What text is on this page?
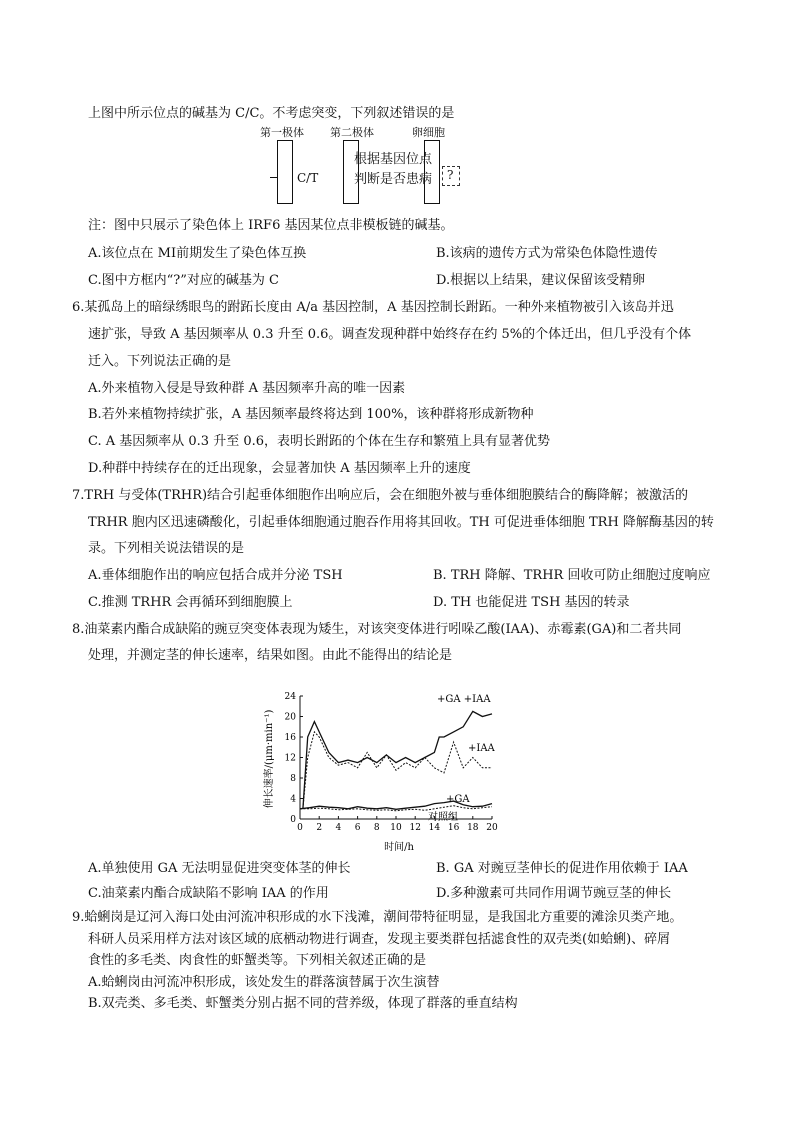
上图中所示位点的碱基为 C/C。不考虑突变，下列叙述错误的是
第一极体 第二极体	卵细胞
C/T
根据基因位点
判断是否患病 ?
注：图中只展示了染色体上 IRF6 基因某位点非模板链的碱基。
A.该位点在 MⅠ前期发生了染色体互换	B.该病的遗传方式为常染色体隐性遗传
C.图中方框内“?”对应的碱基为 C	D.根据以上结果，建议保留该受精卵
6.某孤岛上的暗绿绣眼鸟的跗跖长度由 A/a 基因控制，A 基因控制长跗跖。一种外来植物被引入该岛并迅
速扩张，导致 A 基因频率从 0.3 升至 0.6。调查发现种群中始终存在约 5%的个体迁出，但几乎没有个体
迁入。下列说法正确的是
A.外来植物入侵是导致种群 A 基因频率升高的唯一因素
B.若外来植物持续扩张，A 基因频率最终将达到 100%，该种群将形成新物种
C. A 基因频率从 0.3 升至 0.6，表明长跗跖的个体在生存和繁殖上具有显著优势
D.种群中持续存在的迁出现象，会显著加快 A 基因频率上升的速度
7.TRH 与受体(TRHR)结合引起垂体细胞作出响应后，会在细胞外被与垂体细胞膜结合的酶降解；被激活的
TRHR 胞内区迅速磷酸化，引起垂体细胞通过胞吞作用将其回收。TH 可促进垂体细胞 TRH 降解酶基因的转
录。下列相关说法错误的是
A.垂体细胞作出的响应包括合成并分泌 TSH	B. TRH 降解、TRHR 回收可防止细胞过度响应
C.推测 TRHR 会再循环到细胞膜上	D. TH 也能促进 TSH 基因的转录
8.油菜素内酯合成缺陷的豌豆突变体表现为矮生，对该突变体进行吲哚乙酸(IAA)、赤霉素(GA)和二者共同
处理，并测定茎的伸长速率，结果如图。由此不能得出的结论是
0
4
8
12
16
20
24
0 2 4 6 8 10 12 14 16 18 20
伸长速率/(μm·min⁻¹)
时间/h
+GA +IAA
+IAA
+GA
对照组
A.单独使用 GA 无法明显促进突变体茎的伸长	B. GA 对豌豆茎伸长的促进作用依赖于 IAA
C.油菜素内酯合成缺陷不影响 IAA 的作用	D.多种激素可共同作用调节豌豆茎的伸长
9.蛤蜊岗是辽河入海口处由河流冲积形成的水下浅滩，潮间带特征明显，是我国北方重要的滩涂贝类产地。
科研人员采用样方法对该区域的底栖动物进行调查，发现主要类群包括滤食性的双壳类(如蛤蜊)、碎屑
食性的多毛类、肉食性的虾蟹类等。下列相关叙述正确的是
A.蛤蜊岗由河流冲积形成，该处发生的群落演替属于次生演替
B.双壳类、多毛类、虾蟹类分别占据不同的营养级，体现了群落的垂直结构
